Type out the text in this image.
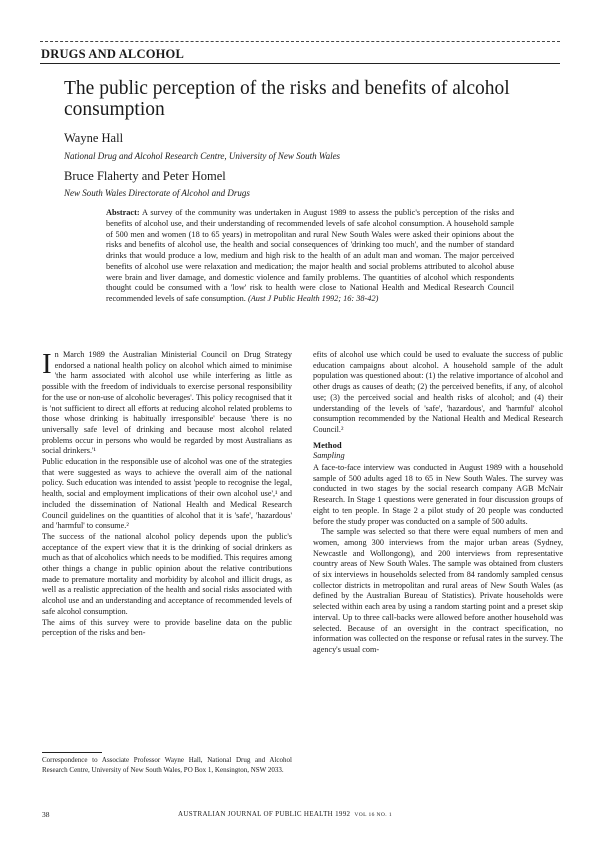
DRUGS AND ALCOHOL
The public perception of the risks and benefits of alcohol consumption
Wayne Hall
National Drug and Alcohol Research Centre, University of New South Wales
Bruce Flaherty and Peter Homel
New South Wales Directorate of Alcohol and Drugs
Abstract: A survey of the community was undertaken in August 1989 to assess the public's perception of the risks and benefits of alcohol use, and their understanding of recommended levels of safe alcohol consumption. A household sample of 500 men and women (18 to 65 years) in metropolitan and rural New South Wales were asked their opinions about the risks and benefits of alcohol use, the health and social consequences of 'drinking too much', and the number of standard drinks that would produce a low, medium and high risk to the health of an adult man and woman. The major perceived benefits of alcohol use were relaxation and medication; the major health and social problems attributed to alcohol abuse were brain and liver damage, and domestic violence and family problems. The quantities of alcohol which respondents thought could be consumed with a 'low' risk to health were close to National Health and Medical Research Council recommended levels of safe consumption. (Aust J Public Health 1992; 16: 38-42)

In March 1989 the Australian Ministerial Council on Drug Strategy endorsed a national health policy on alcohol which aimed to minimise 'the harm associated with alcohol use while interfering as little as possible with the freedom of individuals to exercise personal responsibility for the use or non-use of alcoholic beverages'. This policy recognised that it is 'not sufficient to direct all efforts at reducing alcohol related problems to those whose drinking is habitually irresponsible' because 'there is no universally safe level of drinking and because most alcohol related problems occur in persons who would be regarded by most Australians as social drinkers.'¹

Public education in the responsible use of alcohol was one of the strategies that were suggested as ways to achieve the overall aim of the national policy. Such education was intended to assist 'people to recognise the legal, health, social and employment implications of their own alcohol use',¹ and included the dissemination of National Health and Medical Research Council guidelines on the quantities of alcohol that it is 'safe', 'hazardous' and 'harmful' to consume.²

The success of the national alcohol policy depends upon the public's acceptance of the expert view that it is the drinking of social drinkers as much as that of alcoholics which needs to be modified. This requires among other things a change in public opinion about the relative contributions made to premature mortality and morbidity by alcohol and illicit drugs, as well as a realistic appreciation of the health and social risks associated with alcohol use and an understanding and acceptance of recommended levels of safe alcohol consumption.

The aims of this survey were to provide baseline data on the public perception of the risks and ben-

efits of alcohol use which could be used to evaluate the success of public education campaigns about alcohol. A household sample of the adult population was questioned about: (1) the relative importance of alcohol and other drugs as causes of death; (2) the perceived benefits, if any, of alcohol use; (3) the perceived social and health risks of alcohol; and (4) their understanding of the levels of 'safe', 'hazardous', and 'harmful' alcohol consumption recommended by the National Health and Medical Research Council.²

Method
Sampling

A face-to-face interview was conducted in August 1989 with a household sample of 500 adults aged 18 to 65 in New South Wales. The survey was conducted in two stages by the social research company AGB McNair Research. In Stage 1 questions were generated in four discussion groups of eight to ten people. In Stage 2 a pilot study of 20 people was conducted before the study proper was conducted on a sample of 500 adults.

The sample was selected so that there were equal numbers of men and women, among 300 interviews from the major urban areas (Sydney, Newcastle and Wollongong), and 200 interviews from representative country areas of New South Wales. The sample was obtained from clusters of six interviews in households selected from 84 randomly sampled census collector districts in metropolitan and rural areas of New South Wales (as defined by the Australian Bureau of Statistics). Private households were selected within each area by using a random starting point and a preset skip interval. Up to three call-backs were allowed before another household was selected. Because of an oversight in the contract specification, no information was collected on the response or refusal rates in the survey. The agency's usual com-

Correspondence to Associate Professor Wayne Hall, National Drug and Alcohol Research Centre, University of New South Wales, PO Box 1, Kensington, NSW 2033.
38	AUSTRALIAN JOURNAL OF PUBLIC HEALTH 1992 VOL 16 NO. 1
